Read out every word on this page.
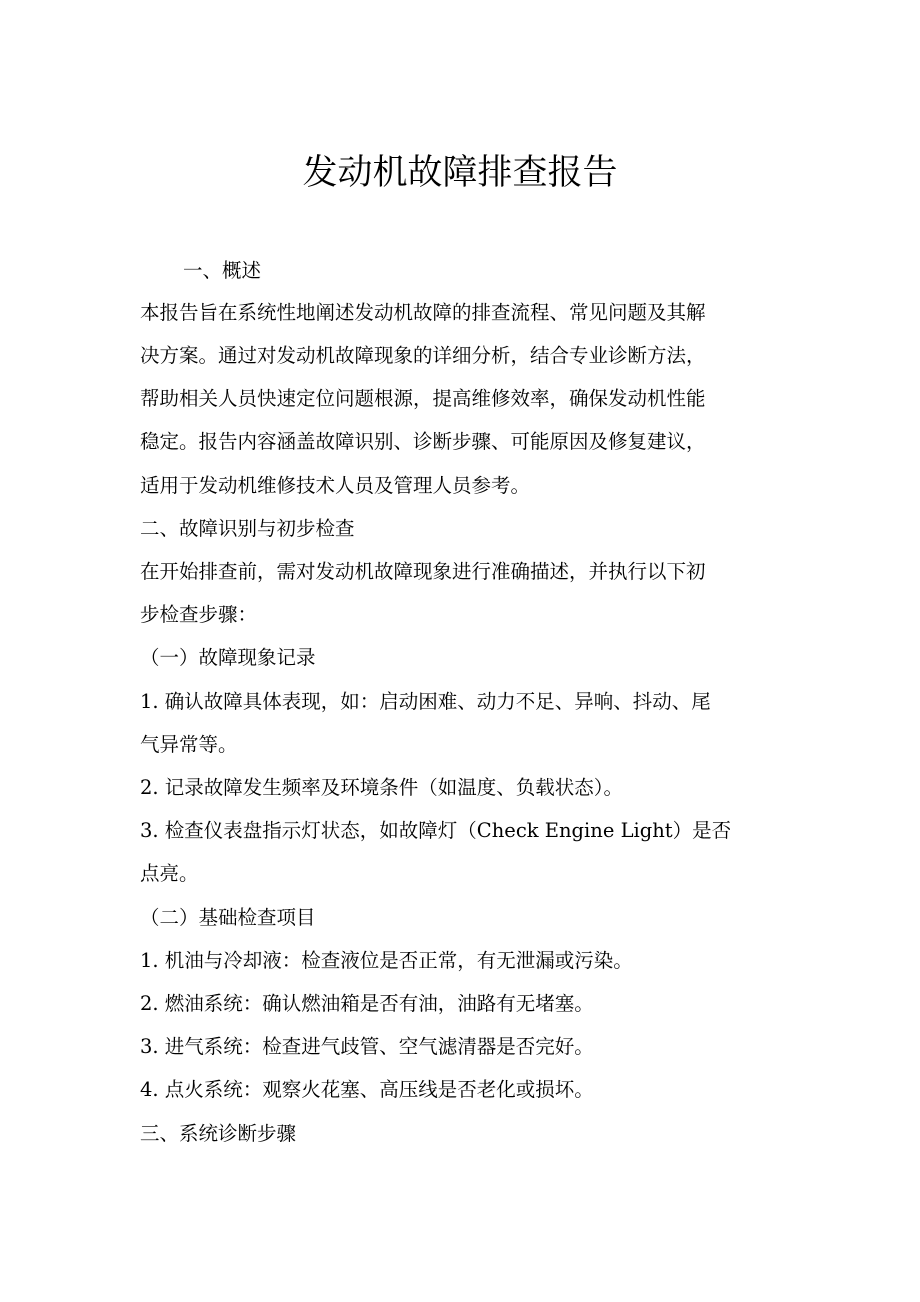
发动机故障排查报告
一、概述
本报告旨在系统性地阐述发动机故障的排查流程、常见问题及其解
决方案。通过对发动机故障现象的详细分析，结合专业诊断方法，
帮助相关人员快速定位问题根源，提高维修效率，确保发动机性能
稳定。报告内容涵盖故障识别、诊断步骤、可能原因及修复建议，
适用于发动机维修技术人员及管理人员参考。
二、故障识别与初步检查
在开始排查前，需对发动机故障现象进行准确描述，并执行以下初
步检查步骤：
（一）故障现象记录
1. 确认故障具体表现，如：启动困难、动力不足、异响、抖动、尾
气异常等。
2. 记录故障发生频率及环境条件（如温度、负载状态）。
3. 检查仪表盘指示灯状态，如故障灯（Check Engine Light）是否
点亮。
（二）基础检查项目
1. 机油与冷却液：检查液位是否正常，有无泄漏或污染。
2. 燃油系统：确认燃油箱是否有油，油路有无堵塞。
3. 进气系统：检查进气歧管、空气滤清器是否完好。
4. 点火系统：观察火花塞、高压线是否老化或损坏。
三、系统诊断步骤
